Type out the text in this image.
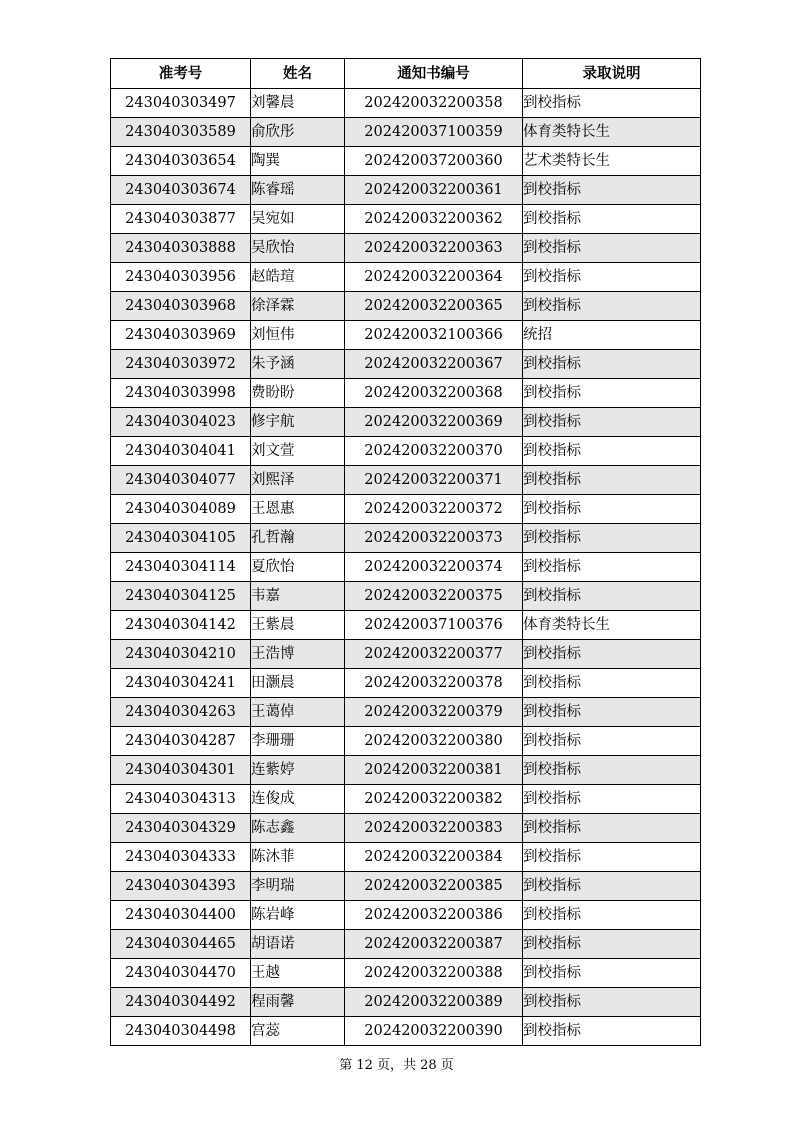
准考号	姓名	通知书编号	录取说明
243040303497	刘馨晨	202420032200358	到校指标
243040303589	俞欣彤	202420037100359	体育类特长生
243040303654	陶巽	202420037200360	艺术类特长生
243040303674	陈睿瑶	202420032200361	到校指标
243040303877	吴宛如	202420032200362	到校指标
243040303888	吴欣怡	202420032200363	到校指标
243040303956	赵皓瑄	202420032200364	到校指标
243040303968	徐泽霖	202420032200365	到校指标
243040303969	刘恒伟	202420032100366	统招
243040303972	朱予涵	202420032200367	到校指标
243040303998	费盼盼	202420032200368	到校指标
243040304023	修宇航	202420032200369	到校指标
243040304041	刘文萱	202420032200370	到校指标
243040304077	刘熙泽	202420032200371	到校指标
243040304089	王恩惠	202420032200372	到校指标
243040304105	孔哲瀚	202420032200373	到校指标
243040304114	夏欣怡	202420032200374	到校指标
243040304125	韦嘉	202420032200375	到校指标
243040304142	王紫晨	202420037100376	体育类特长生
243040304210	王浩博	202420032200377	到校指标
243040304241	田灏晨	202420032200378	到校指标
243040304263	王蔼倬	202420032200379	到校指标
243040304287	李珊珊	202420032200380	到校指标
243040304301	连紫婷	202420032200381	到校指标
243040304313	连俊成	202420032200382	到校指标
243040304329	陈志鑫	202420032200383	到校指标
243040304333	陈沐菲	202420032200384	到校指标
243040304393	李明瑞	202420032200385	到校指标
243040304400	陈岩峰	202420032200386	到校指标
243040304465	胡语诺	202420032200387	到校指标
243040304470	王越	202420032200388	到校指标
243040304492	程雨馨	202420032200389	到校指标
243040304498	宫蕊	202420032200390	到校指标
第 12 页，共 28 页
